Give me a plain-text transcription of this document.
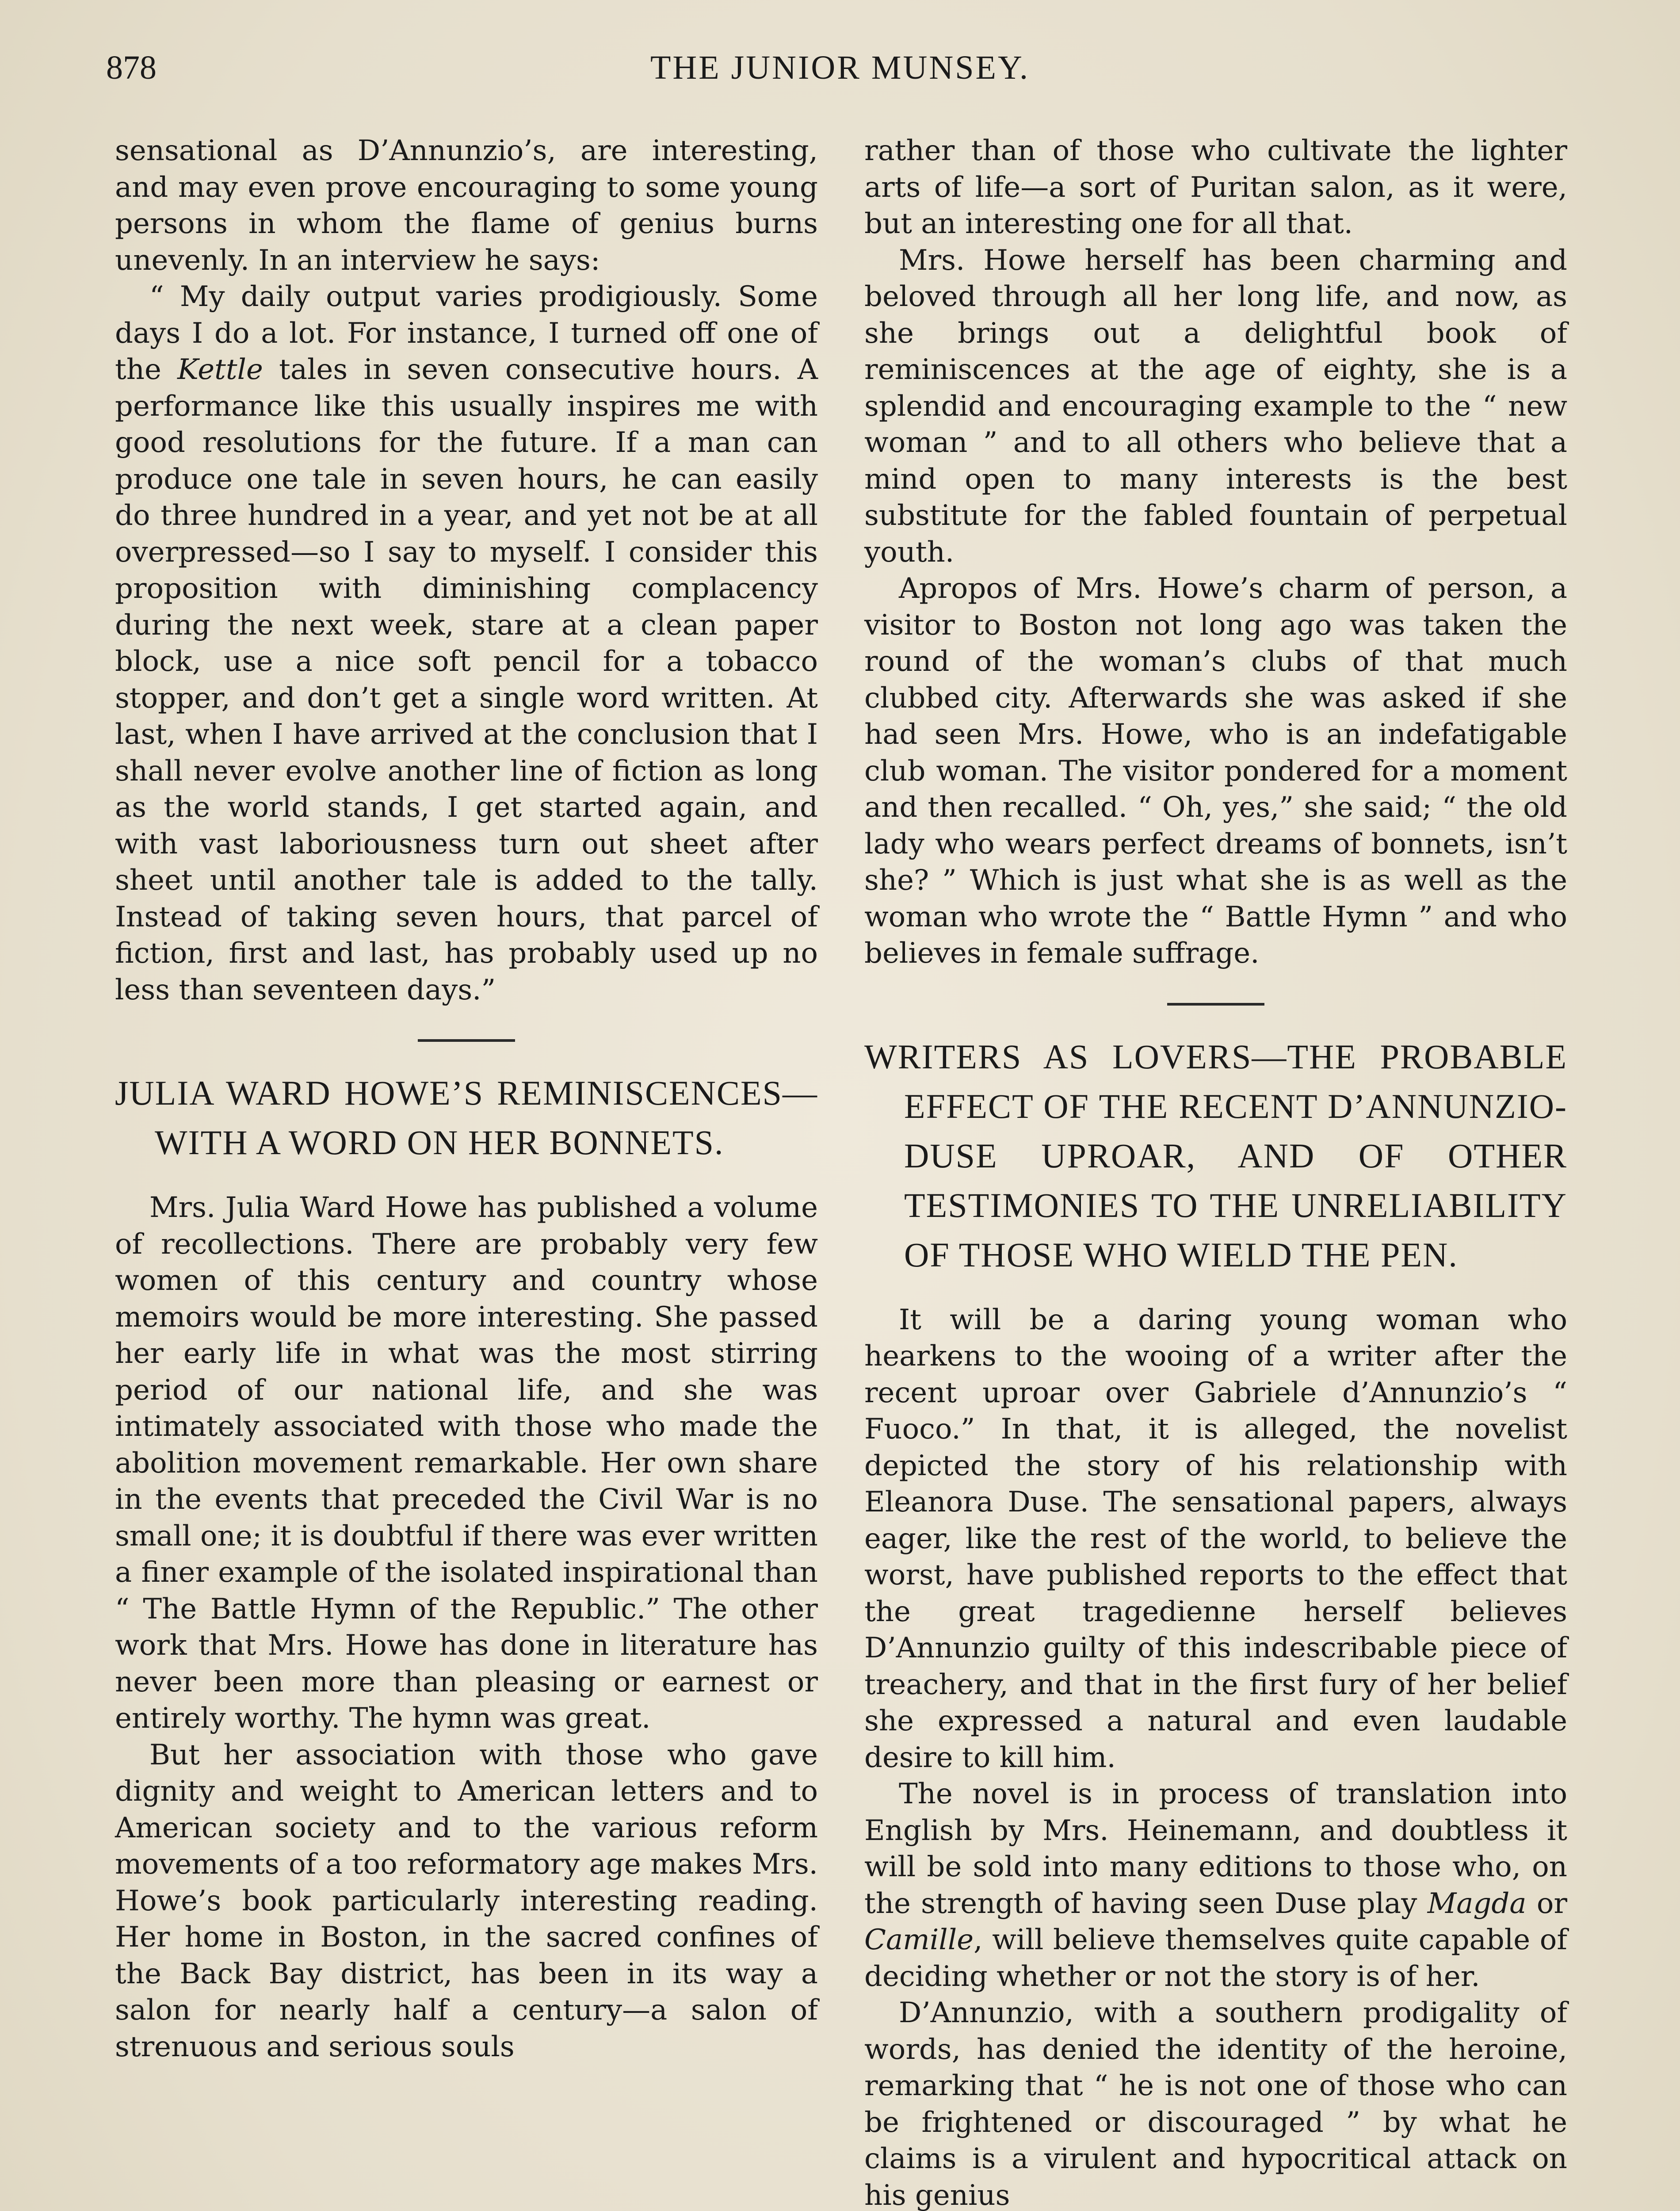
878	THE JUNIOR MUNSEY.

sensational as D’Annunzio’s, are interesting, and may even prove encouraging to some young persons in whom the flame of genius burns unevenly. In an interview he says:

“ My daily output varies prodigiously. Some days I do a lot. For instance, I turned off one of the Kettle tales in seven consecutive hours. A performance like this usually inspires me with good resolutions for the future. If a man can produce one tale in seven hours, he can easily do three hundred in a year, and yet not be at all overpressed—so I say to myself. I consider this proposition with diminishing complacency during the next week, stare at a clean paper block, use a nice soft pencil for a tobacco stopper, and don’t get a single word written. At last, when I have arrived at the conclusion that I shall never evolve another line of fiction as long as the world stands, I get started again, and with vast laboriousness turn out sheet after sheet until another tale is added to the tally. Instead of taking seven hours, that parcel of fiction, first and last, has probably used up no less than seventeen days.”

JULIA WARD HOWE’S REMINISCENCES—WITH A WORD ON HER BONNETS.

Mrs. Julia Ward Howe has published a volume of recollections. There are probably very few women of this century and country whose memoirs would be more interesting. She passed her early life in what was the most stirring period of our national life, and she was intimately associated with those who made the abolition movement remarkable. Her own share in the events that preceded the Civil War is no small one; it is doubtful if there was ever written a finer example of the isolated inspirational than “ The Battle Hymn of the Republic.” The other work that Mrs. Howe has done in literature has never been more than pleasing or earnest or entirely worthy. The hymn was great.

But her association with those who gave dignity and weight to American letters and to American society and to the various reform movements of a too reformatory age makes Mrs. Howe’s book particularly interesting reading. Her home in Boston, in the sacred confines of the Back Bay district, has been in its way a salon for nearly half a century—a salon of strenuous and serious souls

rather than of those who cultivate the lighter arts of life—a sort of Puritan salon, as it were, but an interesting one for all that.

Mrs. Howe herself has been charming and beloved through all her long life, and now, as she brings out a delightful book of reminiscences at the age of eighty, she is a splendid and encouraging example to the “ new woman ” and to all others who believe that a mind open to many interests is the best substitute for the fabled fountain of perpetual youth.

Apropos of Mrs. Howe’s charm of person, a visitor to Boston not long ago was taken the round of the woman’s clubs of that much clubbed city. Afterwards she was asked if she had seen Mrs. Howe, who is an indefatigable club woman. The visitor pondered for a moment and then recalled. “ Oh, yes,” she said; “ the old lady who wears perfect dreams of bonnets, isn’t she? ” Which is just what she is as well as the woman who wrote the “ Battle Hymn ” and who believes in female suffrage.

WRITERS AS LOVERS—THE PROBABLE EFFECT OF THE RECENT D’ANNUNZIO-DUSE UPROAR, AND OF OTHER TESTIMONIES TO THE UNRELIABILITY OF THOSE WHO WIELD THE PEN.

It will be a daring young woman who hearkens to the wooing of a writer after the recent uproar over Gabriele d’Annunzio’s “ Fuoco.” In that, it is alleged, the novelist depicted the story of his relationship with Eleanora Duse. The sensational papers, always eager, like the rest of the world, to believe the worst, have published reports to the effect that the great tragedienne herself believes D’Annunzio guilty of this indescribable piece of treachery, and that in the first fury of her belief she expressed a natural and even laudable desire to kill him.

The novel is in process of translation into English by Mrs. Heinemann, and doubtless it will be sold into many editions to those who, on the strength of having seen Duse play Magda or Camille, will believe themselves quite capable of deciding whether or not the story is of her.

D’Annunzio, with a southern prodigality of words, has denied the identity of the heroine, remarking that “ he is not one of those who can be frightened or discouraged ” by what he claims is a virulent and hypocritical attack on his genius
